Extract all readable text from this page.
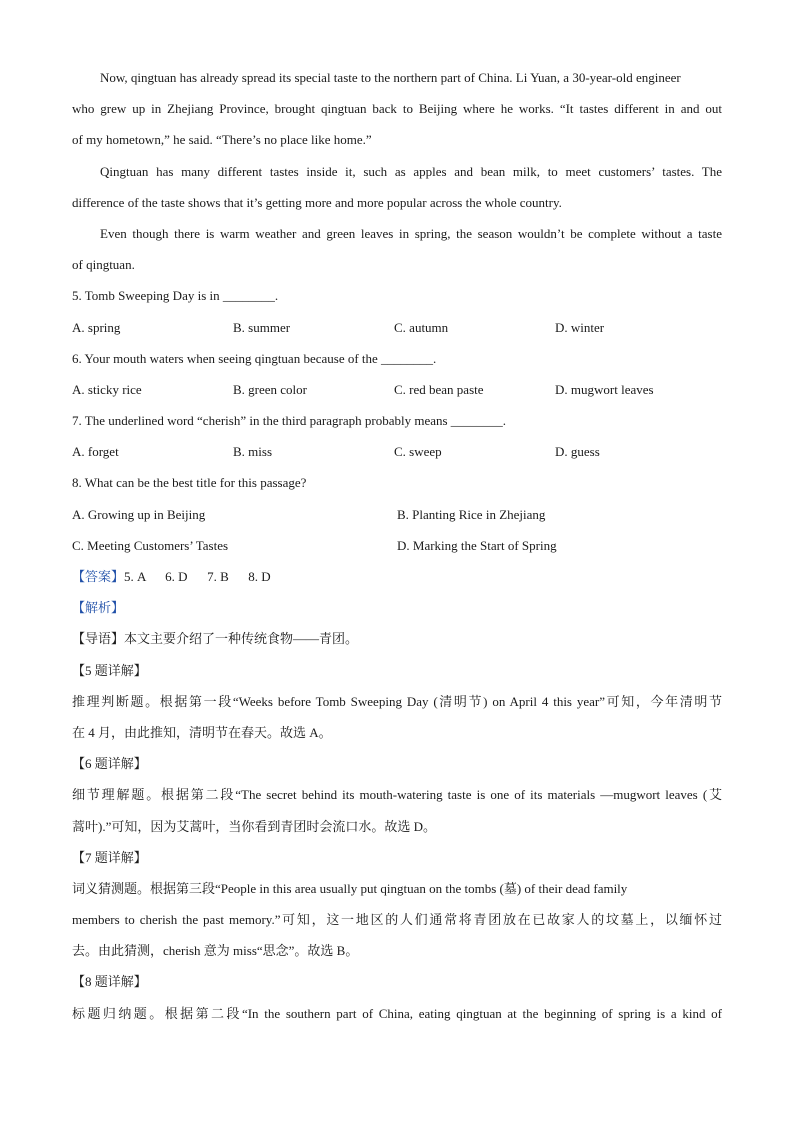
Now, qingtuan has already spread its special taste to the northern part of China. Li Yuan, a 30-year-old engineer
who grew up in Zhejiang Province, brought qingtuan back to Beijing where he works. “It tastes different in and out
of my hometown,” he said. “There’s no place like home.”
Qingtuan has many different tastes inside it, such as apples and bean milk, to meet customers’ tastes. The
difference of the taste shows that it’s getting more and more popular across the whole country.
Even though there is warm weather and green leaves in spring, the season wouldn’t be complete without a taste
of qingtuan.
5. Tomb Sweeping Day is in ________.
A. spring	B. summer	C. autumn	D. winter
6. Your mouth waters when seeing qingtuan because of the ________.
A. sticky rice	B. green color	C. red bean paste	D. mugwort leaves
7. The underlined word “cherish” in the third paragraph probably means ________.
A. forget	B. miss	C. sweep	D. guess
8. What can be the best title for this passage?
A. Growing up in Beijing	B. Planting Rice in Zhejiang
C. Meeting Customers’ Tastes	D. Marking the Start of Spring
【答案】5. A      6. D      7. B      8. D
【解析】
【导语】本文主要介绍了一种传统食物——青团。
【5 题详解】
推理判断题。根据第一段“Weeks before Tomb Sweeping Day (清明节) on April 4 this year”可知，今年清明节
在 4 月，由此推知，清明节在春天。故选 A。
【6 题详解】
细节理解题。根据第二段“The secret behind its mouth-watering taste is one of its materials —mugwort leaves (艾
蒿叶).”可知，因为艾蒿叶，当你看到青团时会流口水。故选 D。
【7 题详解】
词义猜测题。根据第三段“People in this area usually put qingtuan on the tombs (墓) of their dead family
members to cherish the past memory.”可知，这一地区的人们通常将青团放在已故家人的坟墓上，以缅怀过
去。由此猜测，cherish 意为 miss“思念”。故选 B。
【8 题详解】
标题归纳题。根据第二段“In the southern part of China, eating qingtuan at the beginning of spring is a kind of
